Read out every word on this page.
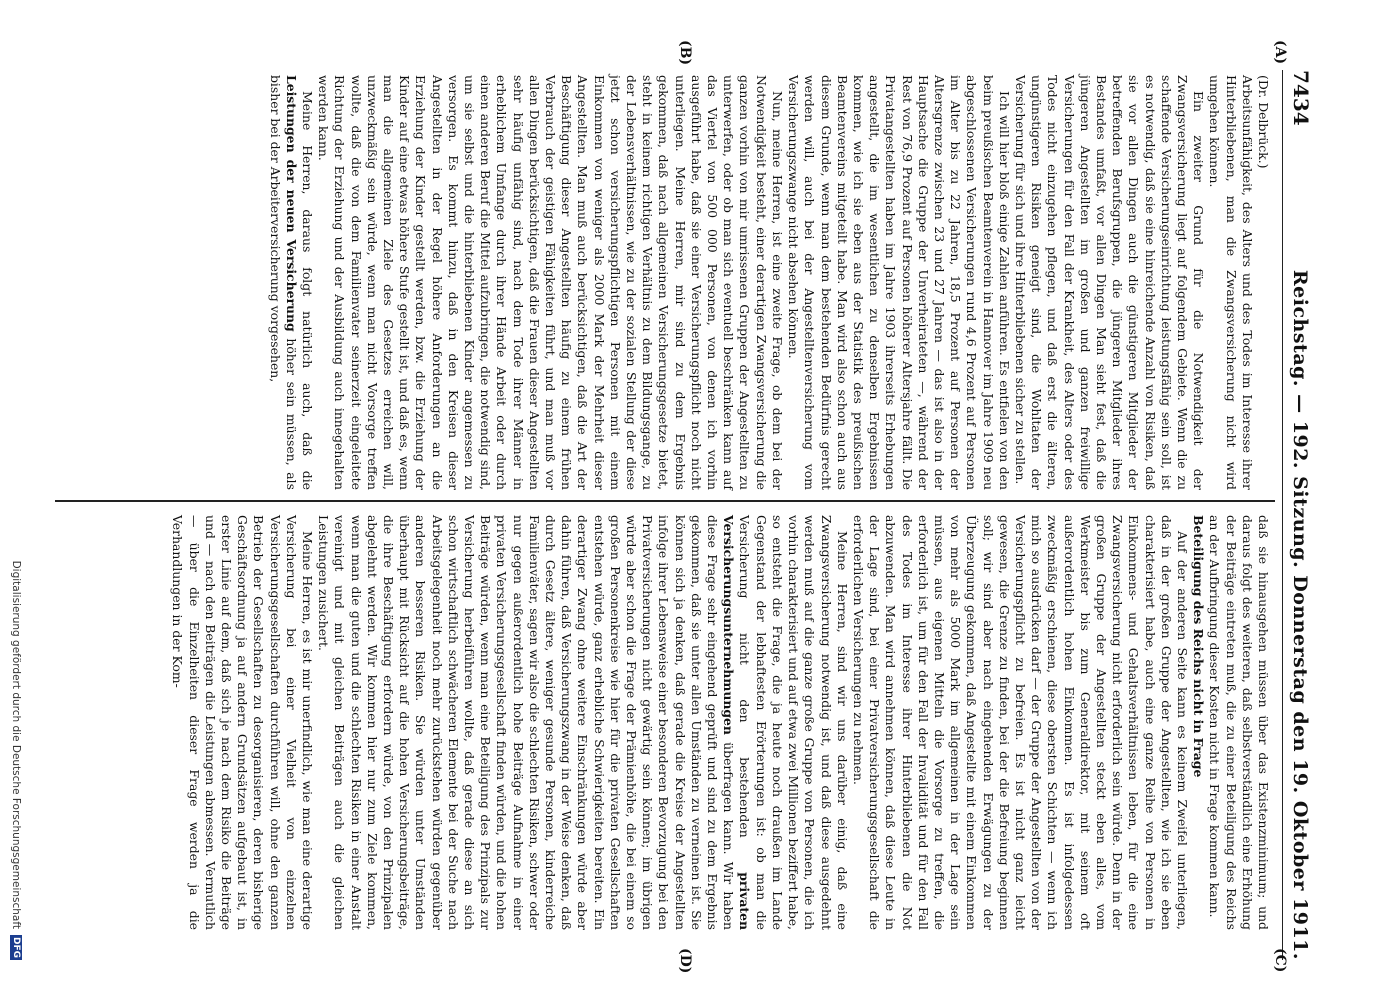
7434
Reichstag. — 192. Sitzung. Donnerstag den 19. Oktober 1911.
(A)
(B)
(C)
(D)

(Dr. Delbrück.)

Arbeitsunfähigkeit, des Alters und des Todes im Interesse ihrer Hinterbliebenen, man die Zwangsversicherung nicht wird umgehen können.

Ein zweiter Grund für die Notwendigkeit der Zwangsversicherung liegt auf folgendem Gebiete. Wenn die zu schaffende Versicherungseinrichtung leistungsfähig sein soll, ist es notwendig, daß sie eine hinreichende Anzahl von Risiken, daß sie vor allen Dingen auch die günstigeren Mitglieder der betreffenden Berufsgruppen, die jüngeren Mitglieder ihres Bestandes umfaßt, vor allen Dingen Man sieht fest, daß die jüngeren Angestellten im großen und ganzen freiwillige Versicherungen für den Fall der Krankheit, des Alters oder des Todes nicht einzugehen pflegen, und daß erst die älteren, ungünstigeren Risiken geneigt sind, die Wohltaten der Versicherung für sich und ihre Hinterbliebenen sicher zu stellen.

Ich will hier bloß einige Zahlen anführen. Es entfielen von den beim preußischen Beamtenverein in Hannover im Jahre 1909 neu abgeschlossenen Versicherungen rund 4,6 Prozent auf Personen im Alter bis zu 22 Jahren, 18,5 Prozent auf Personen der Altersgrenze zwischen 23 und 27 Jahren — das ist also in der Hauptsache die Gruppe der Unverheirateten —, während der Rest von 76,9 Prozent auf Personen höherer Altersjahre fällt. Die Privatangestellten haben im Jahre 1903 ihrerseits Erhebungen angestellt, die im wesentlichen zu denselben Ergebnissen kommen, wie ich sie eben aus der Statistik des preußischen Beamtenvereins mitgeteilt habe. Man wird also schon auch aus diesem Grunde, wenn man dem bestehenden Bedürfnis gerecht werden will, auch bei der Angestelltenversicherung vom Versicherungszwange nicht absehen können.

Nun, meine Herren, ist eine zweite Frage, ob dem bei der Notwendigkeit besteht, einer derartigen Zwangsversicherung die ganzen vorhin von mir umrissenen Gruppen der Angestellten zu unterwerfen, oder ob man sich eventuell beschränken kann auf das Viertel von 500 000 Personen, von denen ich vorhin ausgeführt habe, daß sie einer Versicherungspflicht noch nicht unterliegen. Meine Herren, mir sind zu dem Ergebnis gekommen, daß nach allgemeinen Versicherungsgesetze bietet, steht in keinem richtigen Verhältnis zu dem Bildungsgange, zu der Lebensverhältnissen, wie zu der sozialen Stellung der diese jetzt schon versicherungspflichtigen Personen mit einem Einkommen von weniger als 2000 Mark der Mehrheit dieser Angestellten. Man muß auch berücksichtigen, daß die Art der Beschäftigung dieser Angestellten häufig zu einem frühen Verbrauch der geistigen Fähigkeiten führt, und man muß vor allen Dingen berücksichtigen, daß die Frauen dieser Angestellten sehr häufig unfähig sind, nach dem Tode ihrer Männer in erheblichem Umfange durch ihrer Hände Arbeit oder durch einen anderen Beruf die Mittel aufzubringen, die notwendig sind, um sie selbst und die hinterbliebenen Kinder angemessen zu versorgen. Es kommt hinzu, daß in den Kreisen dieser Angestellten in der Regel höhere Anforderungen an die Erziehung der Kinder gestellt werden, bzw. die Erziehung der Kinder auf eine etwas höhere Stufe gestellt ist, und daß es, wenn man die allgemeinen Ziele des Gesetzes erreichen will, unzweckmäßig sein würde, wenn man nicht Vorsorge treffen wollte, daß die von dem Familienvater seinerzeit eingeleitete Richtung der Erziehung und der Ausbildung auch innegehalten werden kann.

Meine Herren, daraus folgt natürlich auch, daß die Leistungen der neuen Versicherung höher sein müssen, als bisher bei der Arbeiterversicherung vorgesehen,

daß sie hinausgehen müssen über das Existenzminimum; und daraus folgt des weiteren, daß selbstverständlich eine Erhöhung der Beiträge eintreten muß, die zu einer Beteiligung des Reichs an der Aufbringung dieser Kosten nicht in Frage kommen kann.

Beteiligung des Reichs nicht in Frage

Auf der anderen Seite kann es keinem Zweifel unterliegen, daß in der großen Gruppe der Angestellten, wie ich sie eben charakterisiert habe, auch eine ganze Reihe von Personen in Einkommens- und Gehaltsverhältnissen leben, für die eine Zwangsversicherung nicht erforderlich sein würde. Denn in der großen Gruppe der Angestellten steckt eben alles, vom Werkmeister bis zum Generaldirektor, mit seinem oft außerordentlich hohen Einkommen. Es ist infolgedessen zweckmäßig erschienen, diese obersten Schichten — wenn ich mich so ausdrücken darf — der Gruppe der Angestellten von der Versicherungspflicht zu befreien. Es ist nicht ganz leicht gewesen, die Grenze zu finden, bei der die Befreiung beginnen soll; wir sind aber nach eingehenden Erwägungen zu der Überzeugung gekommen, daß Angestellte mit einem Einkommen von mehr als 5000 Mark im allgemeinen in der Lage sein müssen, aus eigenen Mitteln die Vorsorge zu treffen, die erforderlich ist, um für den Fall der Invalidität und für den Fall des Todes im Interesse ihrer Hinterbliebenen die Not abzuwenden. Man wird annehmen können, daß diese Leute in der Lage sind, bei einer Privatversicherungsgesellschaft die erforderlichen Versicherungen zu nehmen.

Meine Herren, sind wir uns darüber einig, daß eine Zwangsversicherung notwendig ist, und daß diese ausgedehnt werden muß auf die ganze große Gruppe von Personen, die ich vorhin charakterisiert und auf etwa zwei Millionen beziffert habe, so entsteht die Frage, die ja heute noch draußen im Lande Gegenstand der lebhaftesten Erörterungen ist: ob man die Versicherung nicht den bestehenden privaten Versicherungsunternehmungen überfragen kann. Wir haben diese Frage sehr eingehend geprüft und sind zu dem Ergebnis gekommen, daß sie unter allen Umständen zu verneinen ist. Sie können sich ja denken, daß gerade die Kreise der Angestellten infolge ihrer Lebensweise einer besonderen Bevorzugung bei den Privatversicherungen nicht gewärtig sein können; im übrigen würde aber schon die Frage der Prämienhöhe, die bei einem so großen Personenkreise wie hier für die privaten Gesellschaften entstehen würde, ganz erhebliche Schwierigkeiten bereiten. Ein derartiger Zwang ohne weitere Einschränkungen würde aber dahin führen, daß Versicherungszwang in der Weise denken, daß durch Gesetz ältere, weniger gesunde Personen, kinderreiche Familienväter, sagen wir also die schlechten Risiken, schwer oder nur gegen außerordentlich hohe Beiträge Aufnahme in einer privaten Versicherungsgesellschaft finden würden, und die hohen Beiträge würden, wenn man eine Beteiligung des Prinzipals zur Versicherung herbeiführen wollte, daß gerade diese an sich schon wirtschaftlich schwächeren Elemente bei der Suche nach Arbeitsgelegenheit noch mehr zurückstehen würden gegenüber anderen besseren Risiken. Sie würden unter Umständen überhaupt mit Rücksicht auf die hohen Versicherungsbeiträge, die ihre Beschäftigung erfordern würde, von den Prinzipalen abgelehnt werden. Wir kommen hier nur zum Ziele kommen, wenn man die guten und die schlechten Risiken in einer Anstalt vereinigt und mit gleichen Beiträgen auch die gleichen Leistungen zusichert.

Meine Herren, es ist mir unerfindlich, wie man eine derartige Versicherung bei einer Vielheit von einzelnen Versicherungsgesellschaften durchführen will, ohne den ganzen Betrieb der Gesellschaften zu desorganisieren, deren bisherige Geschäftsordnung ja auf andern Grundsätzen aufgebaut ist, in erster Linie auf dem, daß sich je nach dem Risiko die Beiträge und — nach den Beiträgen die Leistungen abmessen. Vermutlich — über die Einzelheiten dieser Frage werden ja die Verhandlungen in der Kom-

Digitalisierung gefördert durch die Deutsche Forschungsgemeinschaft
DFG
